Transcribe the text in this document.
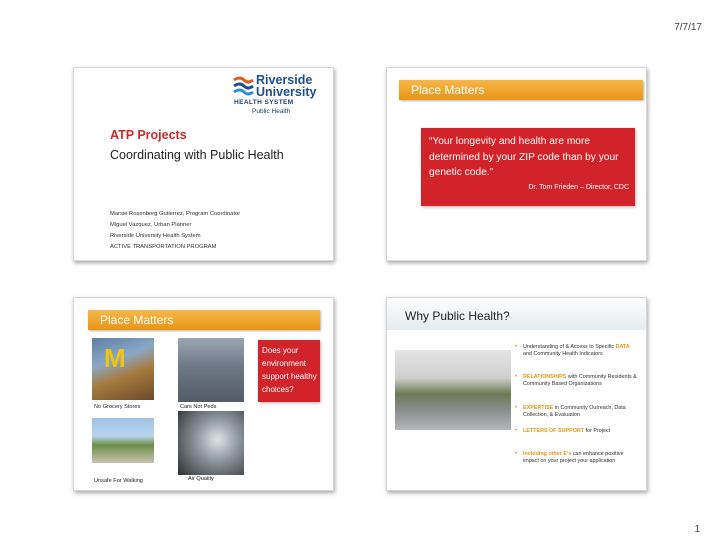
7/7/17
1
Riverside
University
HEALTH SYSTEM
Public Health
ATP Projects
Coordinating with Public Health
Marsie Rosenberg Gutierrez, Program Coordinator
Miguel Vazquez, Urban Planner
Riverside University Health System
ACTIVE TRANSPORTATION PROGRAM
Place Matters
“Your longevity and health are more determined by your ZIP code than by your genetic code.”
Dr. Tom Frieden – Director, CDC
Place Matters
M
No Grocery Stores	Cars Not Peds
Unsafe For Walking	Air Quality
Does your environment support healthy choices?
Why Public Health?
• Understanding of & Access to Specific DATA and Community Health Indicators
• RELATIONSHIPS with Community Residents & Community Based Organizations
• EXPERTISE in Community Outreach, Data Collection, & Evaluation
• LETTERS OF SUPPORT for Project
• Including other E’s can enhance positive impact on your project your application
